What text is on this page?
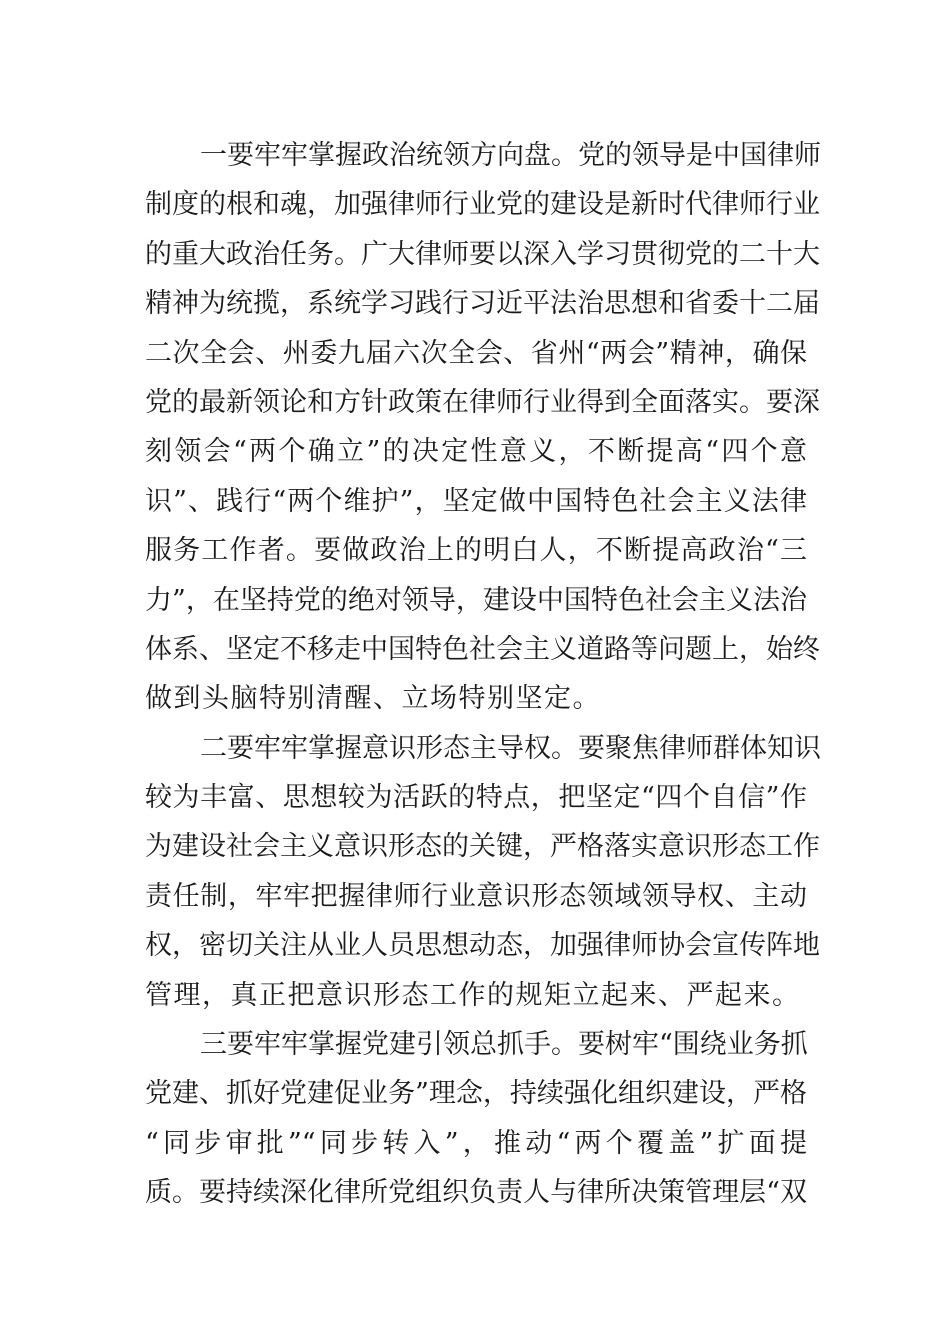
一要牢牢掌握政治统领方向盘。党的领导是中国律师
制度的根和魂，加强律师行业党的建设是新时代律师行业
的重大政治任务。广大律师要以深入学习贯彻党的二十大
精神为统揽，系统学习践行习近平法治思想和省委十二届
二次全会、州委九届六次全会、省州“两会”精神，确保
党的最新领论和方针政策在律师行业得到全面落实。要深
刻领会“两个确立”的决定性意义，不断提高“四个意
识”、践行“两个维护”，坚定做中国特色社会主义法律
服务工作者。要做政治上的明白人，不断提高政治“三
力”，在坚持党的绝对领导，建设中国特色社会主义法治
体系、坚定不移走中国特色社会主义道路等问题上，始终
做到头脑特别清醒、立场特别坚定。
二要牢牢掌握意识形态主导权。要聚焦律师群体知识
较为丰富、思想较为活跃的特点，把坚定“四个自信”作
为建设社会主义意识形态的关键，严格落实意识形态工作
责任制，牢牢把握律师行业意识形态领域领导权、主动
权，密切关注从业人员思想动态，加强律师协会宣传阵地
管理，真正把意识形态工作的规矩立起来、严起来。
三要牢牢掌握党建引领总抓手。要树牢“围绕业务抓
党建、抓好党建促业务”理念，持续强化组织建设，严格
“同步审批”“同步转入”，推动“两个覆盖”扩面提
质。要持续深化律所党组织负责人与律所决策管理层“双
